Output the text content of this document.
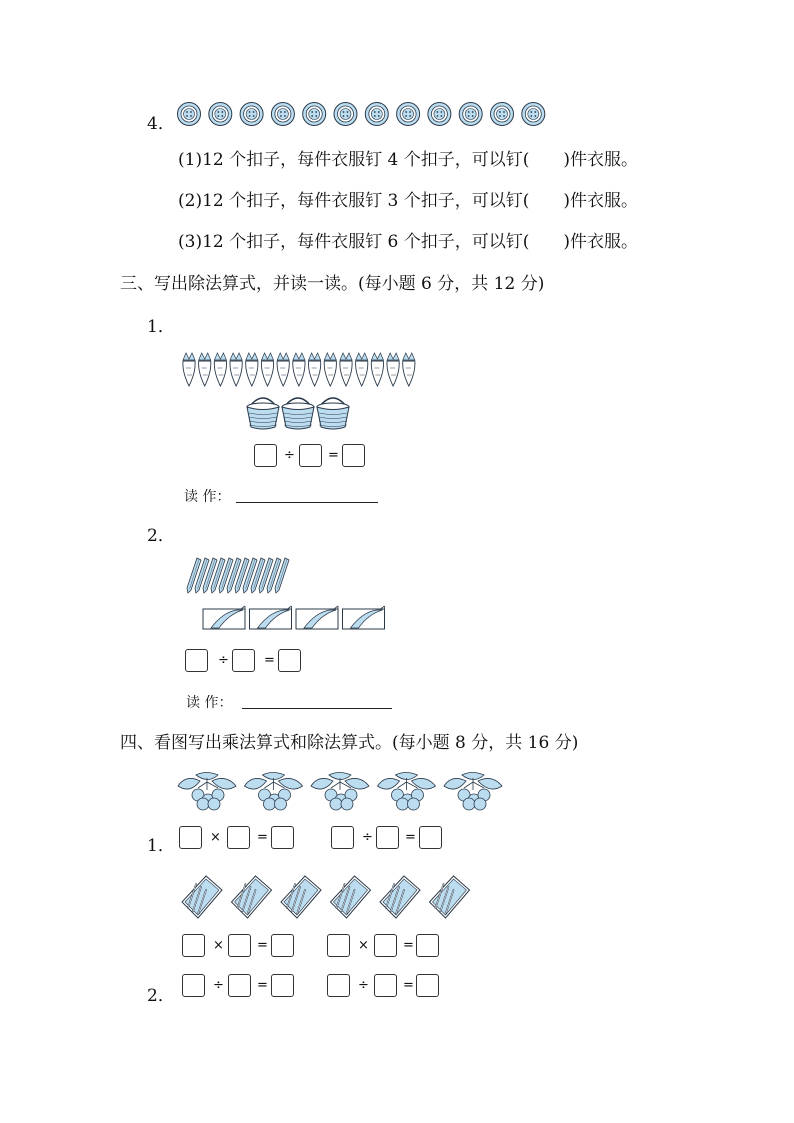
4．
(1)12 个扣子，每件衣服钉 4 个扣子，可以钉(　　)件衣服。
(2)12 个扣子，每件衣服钉 3 个扣子，可以钉(　　)件衣服。
(3)12 个扣子，每件衣服钉 6 个扣子，可以钉(　　)件衣服。
三、写出除法算式，并读一读。(每小题 6 分，共 12 分)
1．
÷	=
读 作：
2．
÷	=
读 作：
四、看图写出乘法算式和除法算式。(每小题 8 分，共 16 分)
1．	×	=	÷ =
×	=	×	=
2．
÷	=	÷	=
